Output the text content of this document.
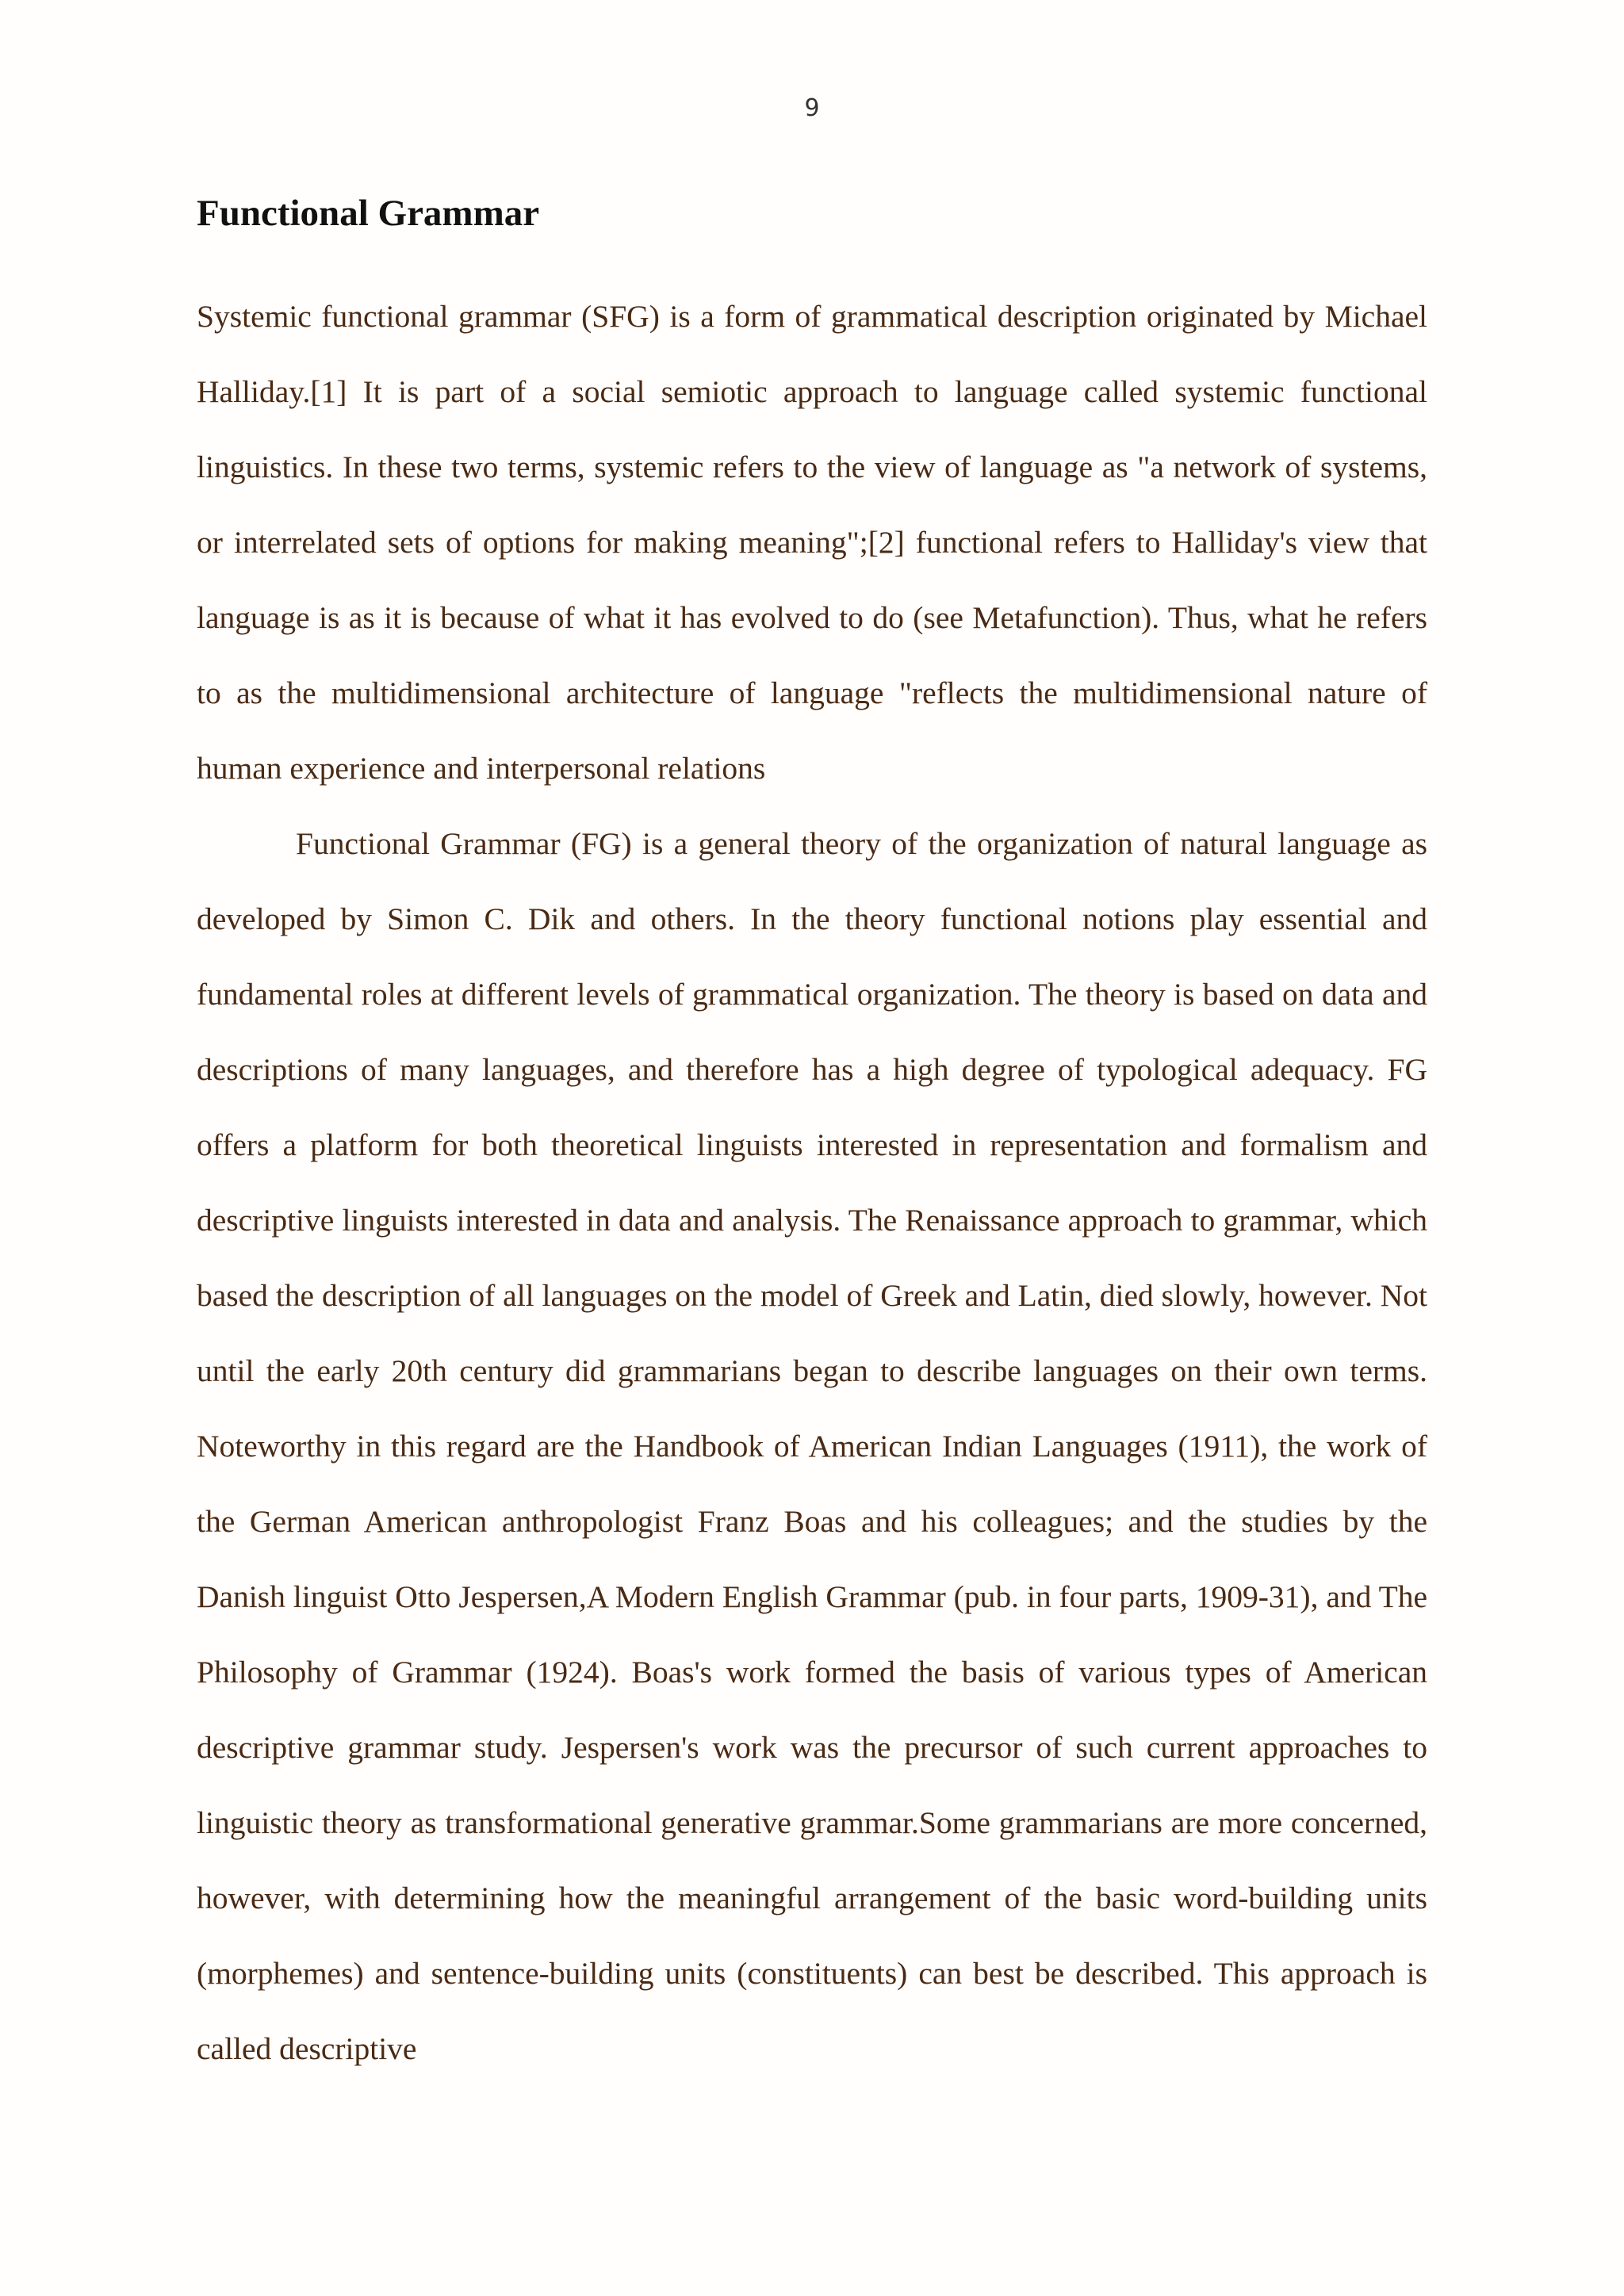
9
Functional Grammar

Systemic functional grammar (SFG) is a form of grammatical description originated by Michael Halliday.[1] It is part of a social semiotic approach to language called systemic functional linguistics. In these two terms, systemic refers to the view of language as "a network of systems, or interrelated sets of options for making meaning";[2] functional refers to Halliday's view that language is as it is because of what it has evolved to do (see Metafunction). Thus, what he refers to as the multidimensional architecture of language "reflects the multidimensional nature of human experience and interpersonal relations

Functional Grammar (FG) is a general theory of the organization of natural language as developed by Simon C. Dik and others. In the theory functional notions play essential and fundamental roles at different levels of grammatical organization. The theory is based on data and descriptions of many languages, and therefore has a high degree of typological adequacy. FG offers a platform for both theoretical linguists interested in representation and formalism and descriptive linguists interested in data and analysis. The Renaissance approach to grammar, which based the description of all languages on the model of Greek and Latin, died slowly, however. Not until the early 20th century did grammarians began to describe languages on their own terms. Noteworthy in this regard are the Handbook of American Indian Languages (1911), the work of the German American anthropologist Franz Boas and his colleagues; and the studies by the Danish linguist Otto Jespersen,A Modern English Grammar (pub. in four parts, 1909-31), and The Philosophy of Grammar (1924). Boas's work formed the basis of various types of American descriptive grammar study. Jespersen's work was the precursor of such current approaches to linguistic theory as transformational generative grammar.Some grammarians are more concerned, however, with determining how the meaningful arrangement of the basic word-building units (morphemes) and sentence-building units (constituents) can best be described. This approach is called descriptive
